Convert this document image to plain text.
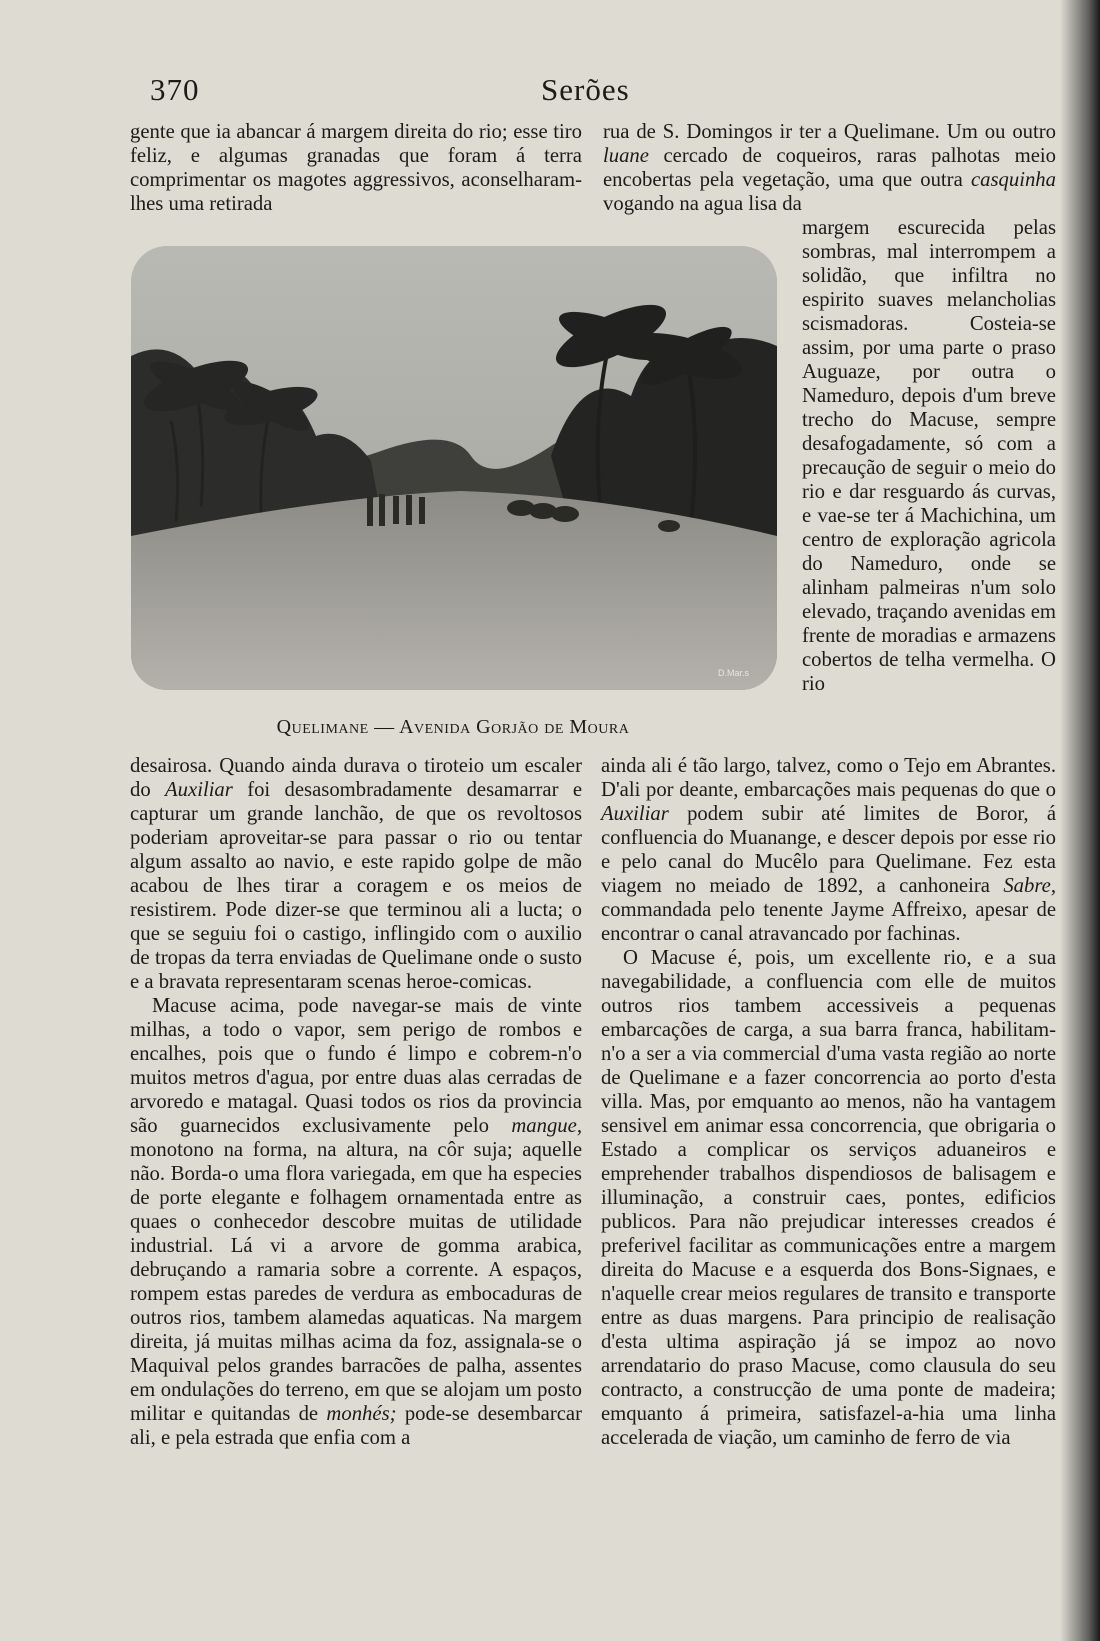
370	Serões

gente que ia abancar á margem direita do rio; esse tiro feliz, e algumas granadas que foram á terra comprimentar os magotes aggressivos, aconselharam-lhes uma retirada

rua de S. Domingos ir ter a Quelimane. Um ou outro luane cercado de coqueiros, raras palhotas meio encobertas pela vegetação, uma que outra casquinha vogando na agua lisa da

margem escurecida pelas sombras, mal interrompem a solidão, que infiltra no espirito suaves melancholias scismadoras. Costeia-se assim, por uma parte o praso Auguaze, por outra o Nameduro, depois d'um breve trecho do Macuse, sempre desafogadamente, só com a precaução de seguir o meio do rio e dar resguardo ás curvas, e vae-se ter á Machichina, um centro de exploração agricola do Nameduro, onde se alinham palmeiras n'um solo elevado, traçando avenidas em frente de moradias e armazens cobertos de telha vermelha. O rio

Quelimane — Avenida Gorjão de Moura

desairosa. Quando ainda durava o tiroteio um escaler do Auxiliar foi desasombradamente desamarrar e capturar um grande lanchão, de que os revoltosos poderiam aproveitar-se para passar o rio ou tentar algum assalto ao navio, e este rapido golpe de mão acabou de lhes tirar a coragem e os meios de resistirem. Pode dizer-se que terminou ali a lucta; o que se seguiu foi o castigo, inflingido com o auxilio de tropas da terra enviadas de Quelimane onde o susto e a bravata representaram scenas heroe-comicas.

Macuse acima, pode navegar-se mais de vinte milhas, a todo o vapor, sem perigo de rombos e encalhes, pois que o fundo é limpo e cobrem-n'o muitos metros d'agua, por entre duas alas cerradas de arvoredo e matagal. Quasi todos os rios da provincia são guarnecidos exclusivamente pelo mangue, monotono na forma, na altura, na côr suja; aquelle não. Borda-o uma flora variegada, em que ha especies de porte elegante e folhagem ornamentada entre as quaes o conhecedor descobre muitas de utilidade industrial. Lá vi a arvore de gomma arabica, debruçando a ramaria sobre a corrente. A espaços, rompem estas paredes de verdura as embocaduras de outros rios, tambem alamedas aquaticas. Na margem direita, já muitas milhas acima da foz, assignala-se o Maquival pelos grandes barracões de palha, assentes em ondulações do terreno, em que se alojam um posto militar e quitandas de monhés; pode-se desembarcar ali, e pela estrada que enfia com a

ainda ali é tão largo, talvez, como o Tejo em Abrantes. D'ali por deante, embarcações mais pequenas do que o Auxiliar podem subir até limites de Boror, á confluencia do Muanange, e descer depois por esse rio e pelo canal do Mucêlo para Quelimane. Fez esta viagem no meiado de 1892, a canhoneira Sabre, commandada pelo tenente Jayme Affreixo, apesar de encontrar o canal atravancado por fachinas.

O Macuse é, pois, um excellente rio, e a sua navegabilidade, a confluencia com elle de muitos outros rios tambem accessiveis a pequenas embarcações de carga, a sua barra franca, habilitam-n'o a ser a via commercial d'uma vasta região ao norte de Quelimane e a fazer concorrencia ao porto d'esta villa. Mas, por emquanto ao menos, não ha vantagem sensivel em animar essa concorrencia, que obrigaria o Estado a complicar os serviços aduaneiros e emprehender trabalhos dispendiosos de balisagem e illuminação, a construir caes, pontes, edificios publicos. Para não prejudicar interesses creados é preferivel facilitar as communicações entre a margem direita do Macuse e a esquerda dos Bons-Signaes, e n'aquelle crear meios regulares de transito e transporte entre as duas margens. Para principio de realisação d'esta ultima aspiração já se impoz ao novo arrendatario do praso Macuse, como clausula do seu contracto, a construcção de uma ponte de madeira; emquanto á primeira, satisfazel-a-hia uma linha accelerada de viação, um caminho de ferro de via

D.Mar.s
